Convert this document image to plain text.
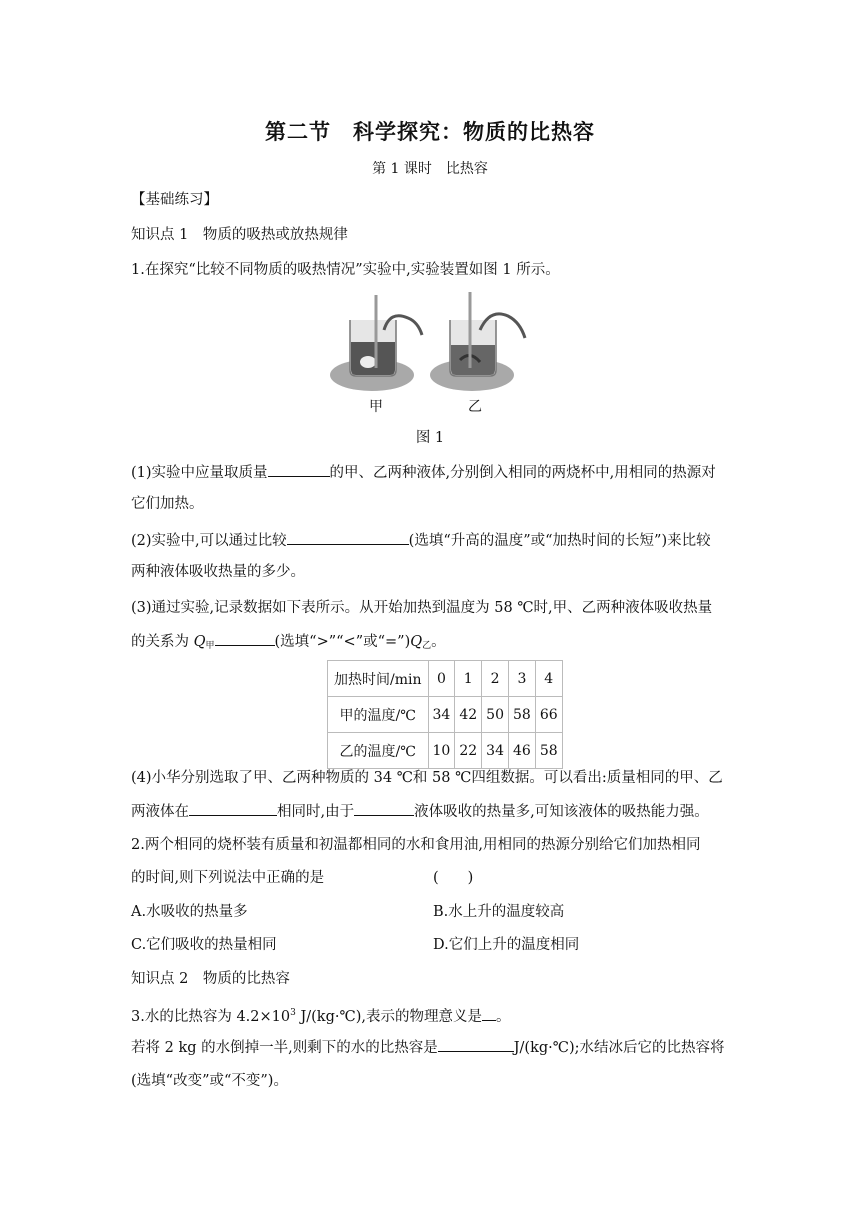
第二节　科学探究：物质的比热容
第 1 课时　比热容
【基础练习】
知识点 1　物质的吸热或放热规律
1.在探究“比较不同物质的吸热情况”实验中,实验装置如图 1 所示。
甲	乙
图 1
(1)实验中应量取质量	的甲、乙两种液体,分别倒入相同的两烧杯中,用相同的热源对
它们加热。
(2)实验中,可以通过比较	(选填“升高的温度”或“加热时间的长短”)来比较
两种液体吸收热量的多少。
(3)通过实验,记录数据如下表所示。从开始加热到温度为 58 ℃时,甲、乙两种液体吸收热量
的关系为 $Q_甲$	(选填“>”“<”或“$=”)Q_乙$。
加热时间/min	0	1	2	3	4
甲的温度/℃	34	42	50	58	66
乙的温度/℃	10	22	34	46	58
(4)小华分别选取了甲、乙两种物质的 34 ℃和 58 ℃四组数据。可以看出:质量相同的甲、乙
两液体在	相同时,由于	液体吸收的热量多,可知该液体的吸热能力强。
2.两个相同的烧杯装有质量和初温都相同的水和食用油,用相同的热源分别给它们加热相同
的时间,则下列说法中正确的是	(　　)
A.水吸收的热量多	B.水上升的温度较高
C.它们吸收的热量相同	D.它们上升的温度相同
知识点 2　物质的比热容
3.水的比热容为 $4.2\times 10^3$ J/(kg·℃),表示的物理意义是 。
若将 2 kg 的水倒掉一半,则剩下的水的比热容是	J/(kg·℃);水结冰后它的比热容将
(选填“改变”或“不变”)。
